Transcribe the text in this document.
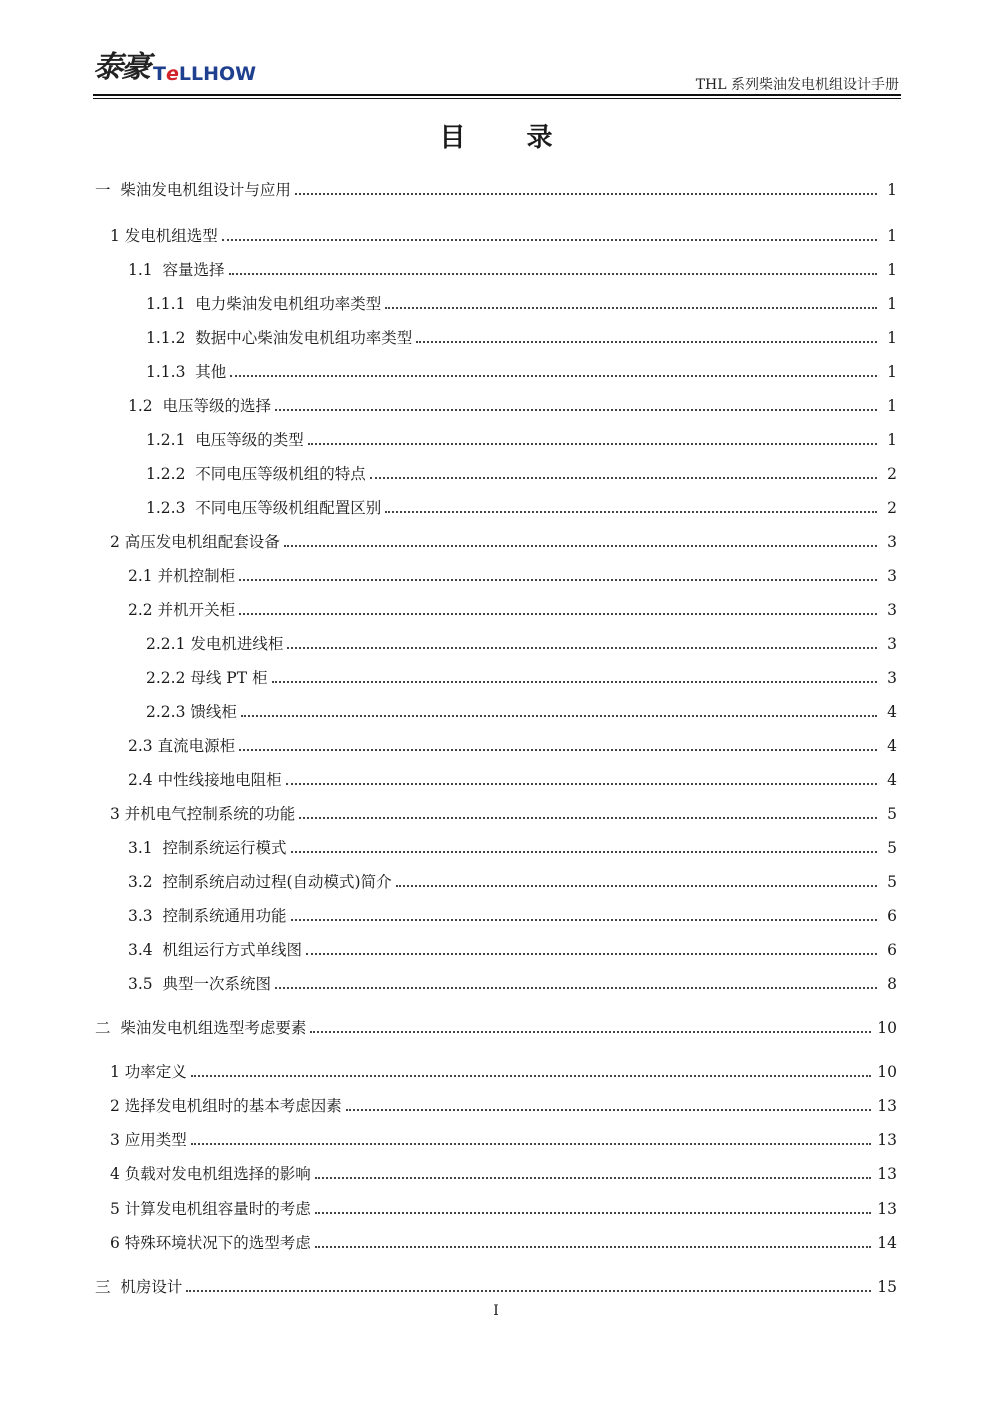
泰豪 TeLLHOW	THL 系列柴油发电机组设计手册
目 录
一  柴油发电机组设计与应用	1
1 发电机组选型	1
1.1  容量选择	1
1.1.1  电力柴油发电机组功率类型	1
1.1.2  数据中心柴油发电机组功率类型	1
1.1.3  其他	1
1.2  电压等级的选择	1
1.2.1  电压等级的类型	1
1.2.2  不同电压等级机组的特点	2
1.2.3  不同电压等级机组配置区别	2
2 高压发电机组配套设备	3
2.1 并机控制柜	3
2.2 并机开关柜	3
2.2.1 发电机进线柜	3
2.2.2 母线 PT 柜	3
2.2.3 馈线柜	4
2.3 直流电源柜	4
2.4 中性线接地电阻柜	4
3 并机电气控制系统的功能	5
3.1  控制系统运行模式	5
3.2  控制系统启动过程(自动模式)简介	5
3.3  控制系统通用功能	6
3.4  机组运行方式单线图	6
3.5  典型一次系统图	8
二  柴油发电机组选型考虑要素	10
1 功率定义	10
2 选择发电机组时的基本考虑因素	13
3 应用类型	13
4 负载对发电机组选择的影响	13
5 计算发电机组容量时的考虑	13
6 特殊环境状况下的选型考虑	14
三  机房设计	15
I
